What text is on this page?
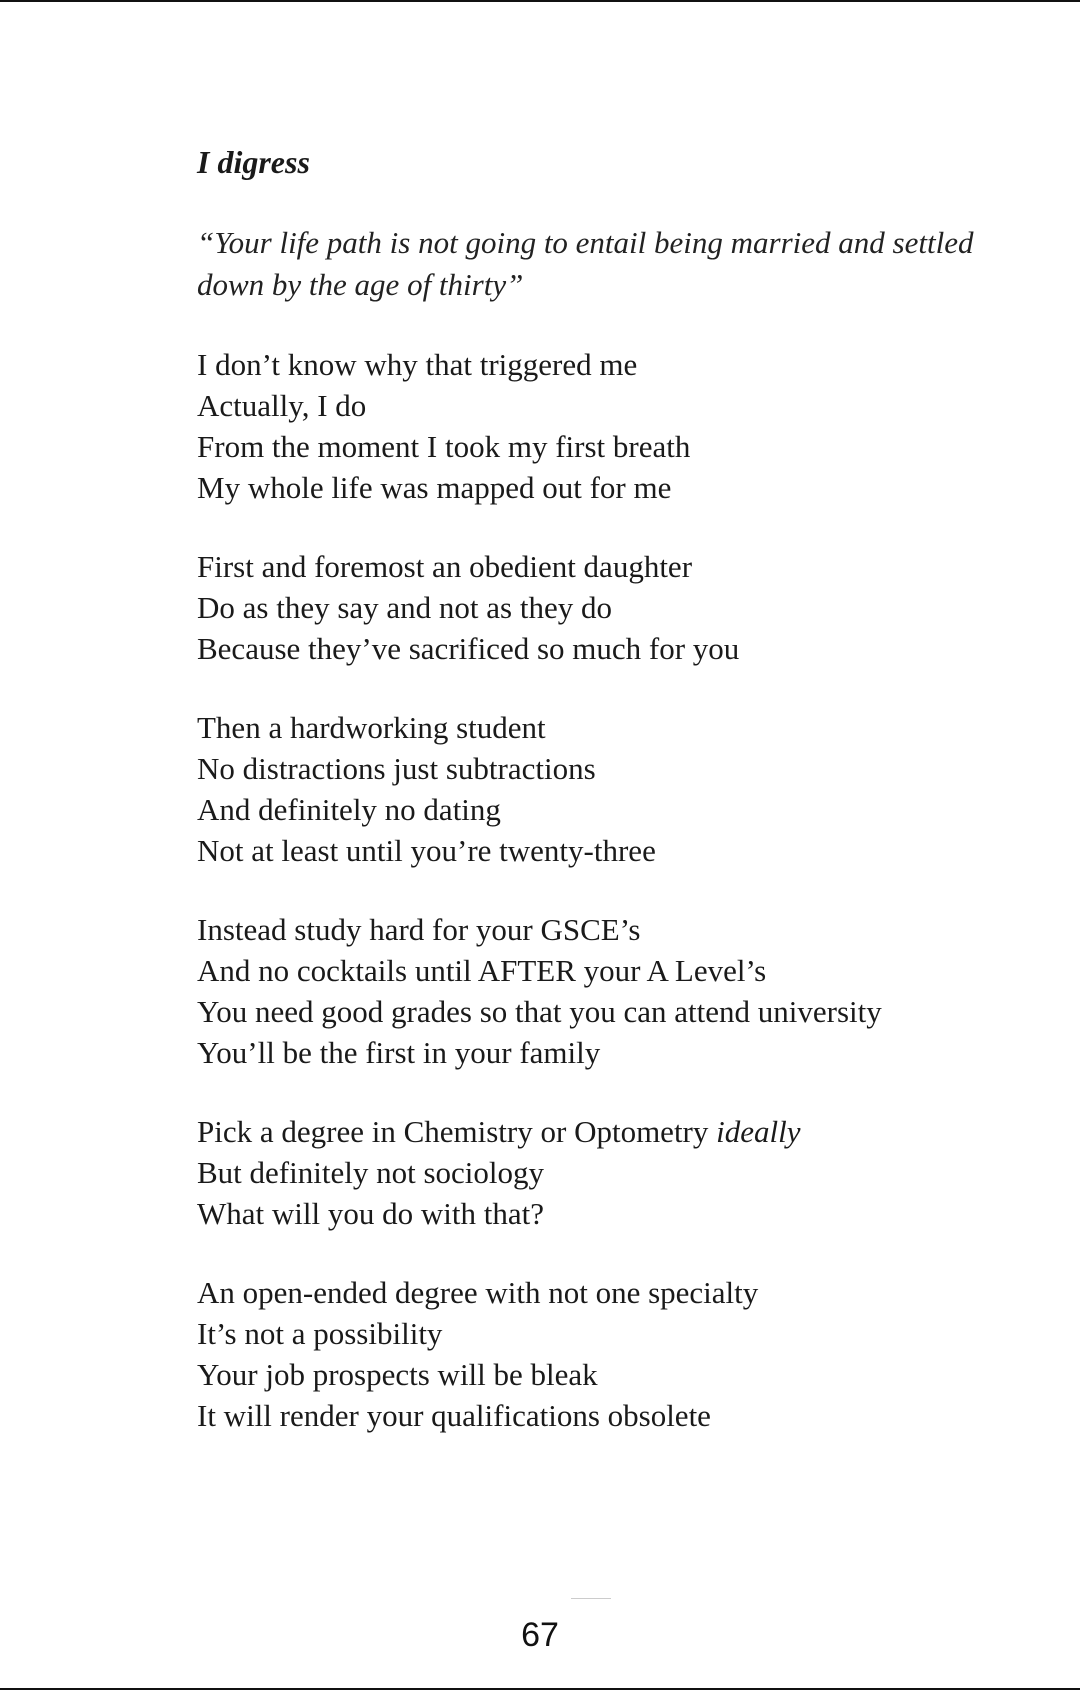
I digress
“Your life path is not going to entail being married and settled
down by the age of thirty”
I don’t know why that triggered me
Actually, I do
From the moment I took my first breath
My whole life was mapped out for me
First and foremost an obedient daughter
Do as they say and not as they do
Because they’ve sacrificed so much for you
Then a hardworking student
No distractions just subtractions
And definitely no dating
Not at least until you’re twenty-three
Instead study hard for your GSCE’s
And no cocktails until AFTER your A Level’s
You need good grades so that you can attend university
You’ll be the first in your family
Pick a degree in Chemistry or Optometry ideally
But definitely not sociology
What will you do with that?
An open-ended degree with not one specialty
It’s not a possibility
Your job prospects will be bleak
It will render your qualifications obsolete
67
